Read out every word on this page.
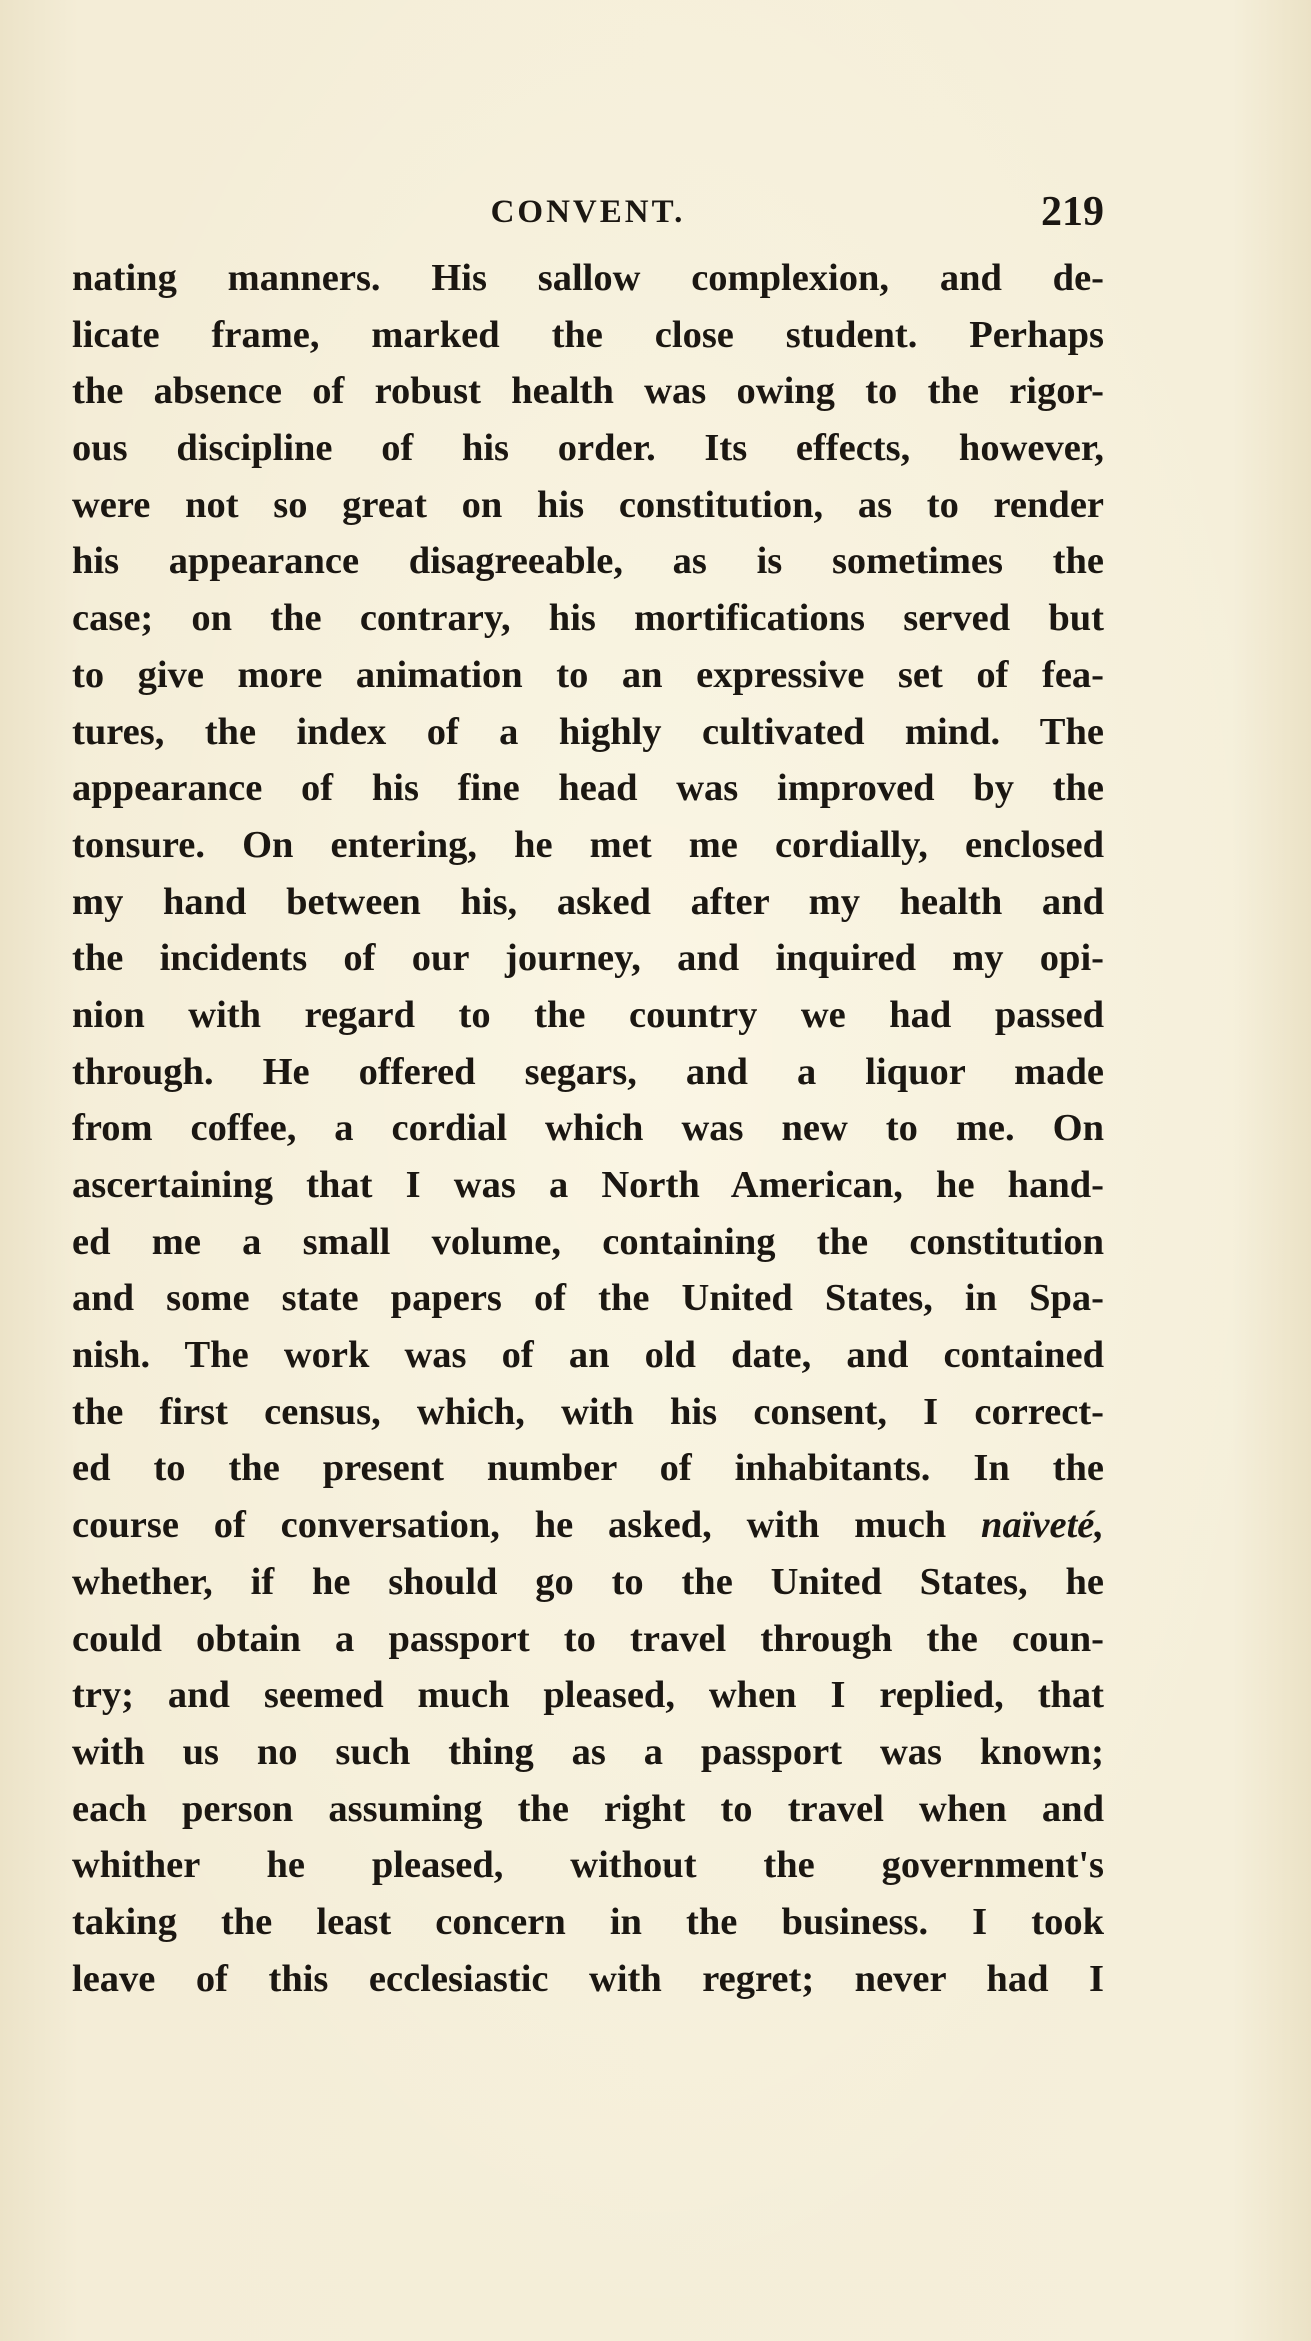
CONVENT.	219
nating manners. His sallow complexion, and de-
licate frame, marked the close student. Perhaps
the absence of robust health was owing to the rigor-
ous discipline of his order. Its effects, however,
were not so great on his constitution, as to render
his appearance disagreeable, as is sometimes the
case; on the contrary, his mortifications served but
to give more animation to an expressive set of fea-
tures, the index of a highly cultivated mind. The
appearance of his fine head was improved by the
tonsure. On entering, he met me cordially, enclosed
my hand between his, asked after my health and
the incidents of our journey, and inquired my opi-
nion with regard to the country we had passed
through. He offered segars, and a liquor made
from coffee, a cordial which was new to me. On
ascertaining that I was a North American, he hand-
ed me a small volume, containing the constitution
and some state papers of the United States, in Spa-
nish. The work was of an old date, and contained
the first census, which, with his consent, I correct-
ed to the present number of inhabitants. In the
course of conversation, he asked, with much naïveté,
whether, if he should go to the United States, he
could obtain a passport to travel through the coun-
try; and seemed much pleased, when I replied, that
with us no such thing as a passport was known;
each person assuming the right to travel when and
whither he pleased, without the government's
taking the least concern in the business. I took
leave of this ecclesiastic with regret; never had I
